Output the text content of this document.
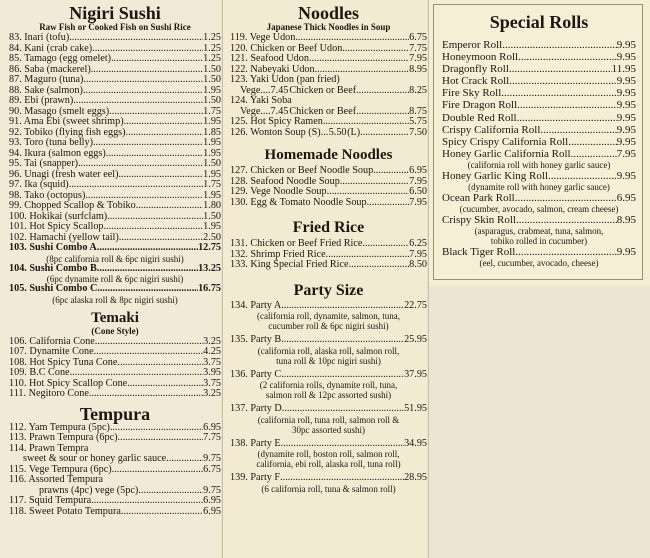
Nigiri Sushi
Raw Fish or Cooked Fish on Sushi Rice
83. Inari (tofu) .....	1.25
84. Kani (crab cake) .....	1.25
85. Tamago (egg omelet) .....	1.25
86. Saba (mackerel) .....	1.50
87. Maguro (tuna) .....	1.50
88. Sake (salmon) .....	1.95
89. Ebi (prawn) .....	1.50
90. Masago (smelt eggs) .....	1.75
91. Ama Ebi (sweet shrimp) .....	1.95
92. Tobiko (flying fish eggs) .....	1.85
93. Toro (tuna belly) .....	1.95
94. Ikura (salmon eggs) .....	1.95
95. Tai (snapper) .....	1.50
96. Unagi (fresh water eel) .....	1.95
97. Ika (squid) .....	1.75
98. Tako (octopus) .....	1.95
99. Chopped Scallop & Tobiko .....	1.80
100. Hokikai (surfclam) .....	1.50
101. Hot Spicy Scallop .....	1.95
102. Hamachi (yellow tail) .....	2.50
103. Sushi Combo A .....	12.75
(8pc california roll & 6pc nigiri sushi)
104. Sushi Combo B .....	13.25
(6pc dynamite roll & 6pc nigiri sushi)
105. Sushi Combo C .....	16.75
(6pc alaska roll & 8pc nigiri sushi)
Temaki
(Cone Style)
106. California Cone .....	3.25
107. Dynamite Cone .....	4.25
108. Hot Spicy Tuna Cone .....	3.75
109. B.C Cone .....	3.95
110. Hot Spicy Scallop Cone .....	3.75
111. Negitoro Cone .....	3.25
Tempura
112. Yam Tempura (5pc) .....	6.95
113. Prawn Tempura (6pc) .....	7.75
114. Prawn Tempra
sweet & sour or honey garlic sauce .....	9.75
115. Vege Tempura (6pc) .....	6.75
116. Assorted Tempura
prawns (4pc) vege (5pc) .....	9.75
117. Squid Tempura .....	6.95
118. Sweet Potato Tempura .....	6.95
Noodles
Japanese Thick Noodles in Soup
119. Vege Udon .....	6.75
120. Chicken or Beef Udon .....	7.75
121. Seafood Udon .....	7.95
122. Nabeyaki Udon .....	8.95
123. Yaki Udon (pan fried)
Vege....7.45 Chicken or Beef .....	8.25
124. Yaki Soba
Vege....7.45 Chicken or Beef .....	8.75
125. Hot Spicy Ramen .....	5.75
126. Wonton Soup (S) ..... 5.50 (L) .....	7.50
Homemade Noodles
127. Chicken or Beef Noodle Soup .....	6.95
128. Seafood Noodle Soup .....	7.95
129. Vege Noodle Soup .....	6.50
130. Egg & Tomato Noodle Soup .....	7.95
Fried Rice
131. Chicken or Beef Fried Rice .....	6.25
132. Shrimp Fried Rice .....	7.95
133. King Special Fried Rice .....	8.50
Party Size
134. Party A .....	22.75
(california roll, dynamite, salmon, tuna,
cucumber roll & 6pc nigiri sushi)
135. Party B .....	25.95
(california roll, alaska roll, salmon roll,
tuna roll & 10pc nigiri sushi)
136. Party C .....	37.95
(2 california rolls, dynamite roll, tuna,
salmon roll & 12pc assorted sushi)
137. Party D .....	51.95
(california roll, tuna roll, salmon roll &
30pc assorted sushi)
138. Party E .....	34.95
(dynamite roll, boston roll, salmon roll,
california, ebi roll, alaska roll, tuna roll)
139. Party F .....	28.95
(6 california roll, tuna & salmon roll)
Special Rolls
Emperor Roll .....	9.95
Honeymoon Roll .....	9.95
Dragonfly Roll .....	11.95
Hot Crack Roll .....	9.95
Fire Sky Roll .....	9.95
Fire Dragon Roll .....	9.95
Double Red Roll .....	9.95
Crispy California Roll .....	9.95
Spicy Crispy California Roll .....	9.95
Honey Garlic California Roll .....	7.95
(california roll with honey garlic sauce)
Honey Garlic King Roll .....	9.95
(dynamite roll with honey garlic sauce)
Ocean Park Roll .....	6.95
(cucumber, avocado, salmon, cream cheese)
Crispy Skin Roll .....	8.95
(asparagus, crabmeat, tuna, salmon,
tobiko rolled in cucumber)
Black Tiger Roll .....	9.95
(eel, cucumber, avocado, cheese)
